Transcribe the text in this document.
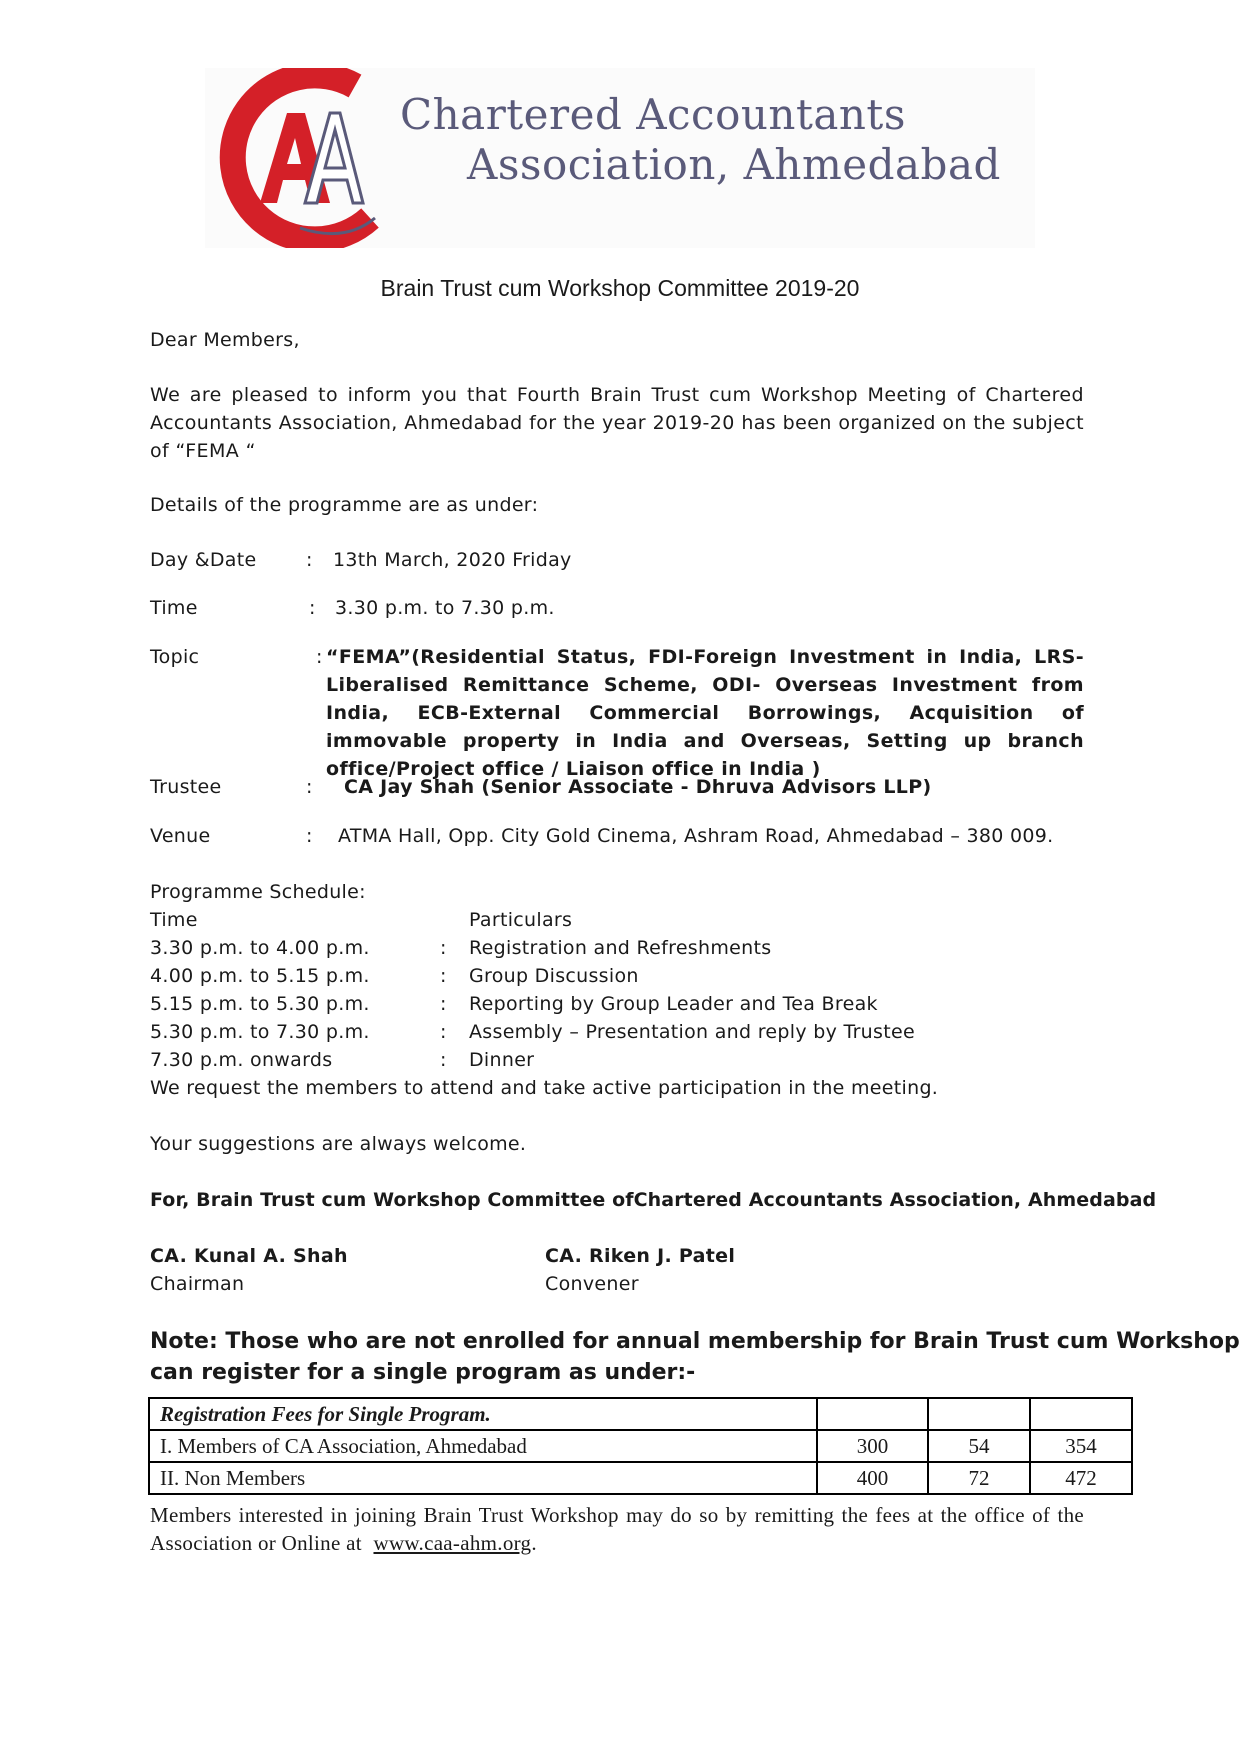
Chartered Accountants
Association, Ahmedabad
Brain Trust cum Workshop Committee 2019-20
Dear Members,
We are pleased to inform you that Fourth Brain Trust cum Workshop Meeting of Chartered Accountants Association, Ahmedabad for the year 2019-20 has been organized on the subject of “FEMA “
Details of the programme are as under:
Day &Date	: 13th March, 2020 Friday
Time	: 3.30 p.m. to 7.30 p.m.
Topic	: “FEMA”(Residential Status, FDI-Foreign Investment in India, LRS-Liberalised Remittance Scheme, ODI- Overseas Investment from India, ECB-External Commercial Borrowings, Acquisition of immovable property in India and Overseas, Setting up branch office/Project office / Liaison office in India )
Trustee	: CA Jay Shah (Senior Associate - Dhruva Advisors LLP)
Venue	: ATMA Hall, Opp. City Gold Cinema, Ashram Road, Ahmedabad – 380 009.
Programme Schedule:
Time	Particulars
3.30 p.m. to 4.00 p.m.	: Registration and Refreshments
4.00 p.m. to 5.15 p.m.	: Group Discussion
5.15 p.m. to 5.30 p.m.	: Reporting by Group Leader and Tea Break
5.30 p.m. to 7.30 p.m.	: Assembly – Presentation and reply by Trustee
7.30 p.m. onwards	: Dinner
We request the members to attend and take active participation in the meeting.
Your suggestions are always welcome.
For, Brain Trust cum Workshop Committee ofChartered Accountants Association, Ahmedabad
CA. Kunal A. Shah
Chairman
CA. Riken J. Patel
Convener
Note: Those who are not enrolled for annual membership for Brain Trust cum Workshop
can register for a single program as under:-
Registration Fees for Single Program.			
I. Members of CA Association, Ahmedabad	300	54	354
II. Non Members	400	72	472
Members interested in joining Brain Trust Workshop may do so by remitting the fees at the office of the Association or Online at www.caa-ahm.org.
